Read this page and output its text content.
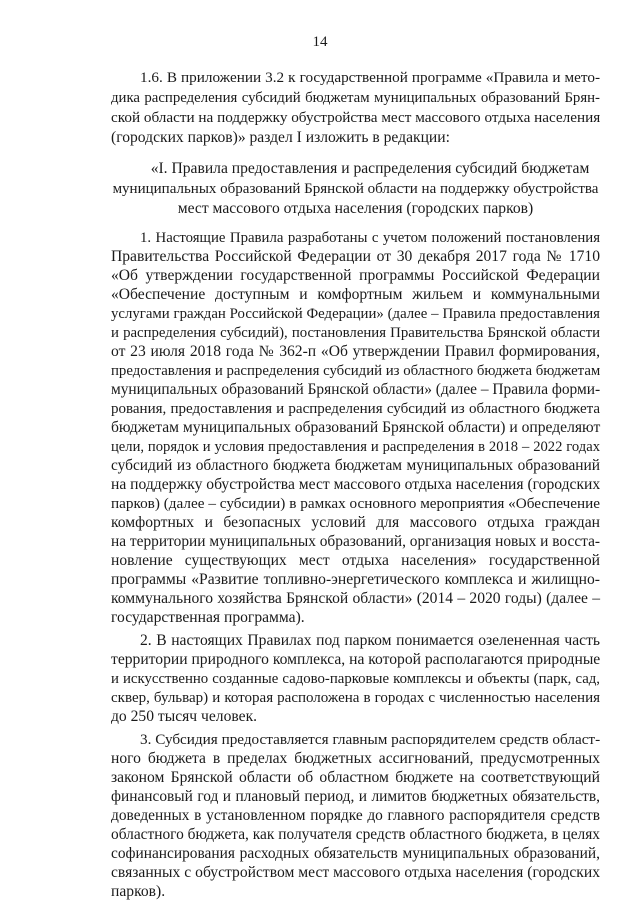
14

1.6. В приложении 3.2 к государственной программе «Правила и мето-

дика распределения субсидий бюджетам муниципальных образований Брян-

ской области на поддержку обустройства мест массового отдыха населения

(городских парков)» раздел I изложить в редакции:

«I. Правила предоставления и распределения субсидий бюджетам

муниципальных образований Брянской области на поддержку обустройства

мест массового отдыха населения (городских парков)

1. Настоящие Правила разработаны с учетом положений постановления

Правительства Российской Федерации от 30 декабря 2017 года № 1710

«Об утверждении государственной программы Российской Федерации

«Обеспечение доступным и комфортным жильем и коммунальными

услугами граждан Российской Федерации» (далее – Правила предоставления

и распределения субсидий), постановления Правительства Брянской области

от 23 июля 2018 года № 362-п «Об утверждении Правил формирования,

предоставления и распределения субсидий из областного бюджета бюджетам

муниципальных образований Брянской области» (далее – Правила форми-

рования, предоставления и распределения субсидий из областного бюджета

бюджетам муниципальных образований Брянской области) и определяют

цели, порядок и условия предоставления и распределения в 2018 – 2022 годах

субсидий из областного бюджета бюджетам муниципальных образований

на поддержку обустройства мест массового отдыха населения (городских

парков) (далее – субсидии) в рамках основного мероприятия «Обеспечение

комфортных и безопасных условий для массового отдыха граждан

на территории муниципальных образований, организация новых и восста-

новление существующих мест отдыха населения» государственной

программы «Развитие топливно-энергетического комплекса и жилищно-

коммунального хозяйства Брянской области» (2014 – 2020 годы) (далее –

государственная программа).

2. В настоящих Правилах под парком понимается озелененная часть

территории природного комплекса, на которой располагаются природные

и искусственно созданные садово-парковые комплексы и объекты (парк, сад,

сквер, бульвар) и которая расположена в городах с численностью населения

до 250 тысяч человек.

3. Субсидия предоставляется главным распорядителем средств област-

ного бюджета в пределах бюджетных ассигнований, предусмотренных

законом Брянской области об областном бюджете на соответствующий

финансовый год и плановый период, и лимитов бюджетных обязательств,

доведенных в установленном порядке до главного распорядителя средств

областного бюджета, как получателя средств областного бюджета, в целях

софинансирования расходных обязательств муниципальных образований,

связанных с обустройством мест массового отдыха населения (городских

парков).
